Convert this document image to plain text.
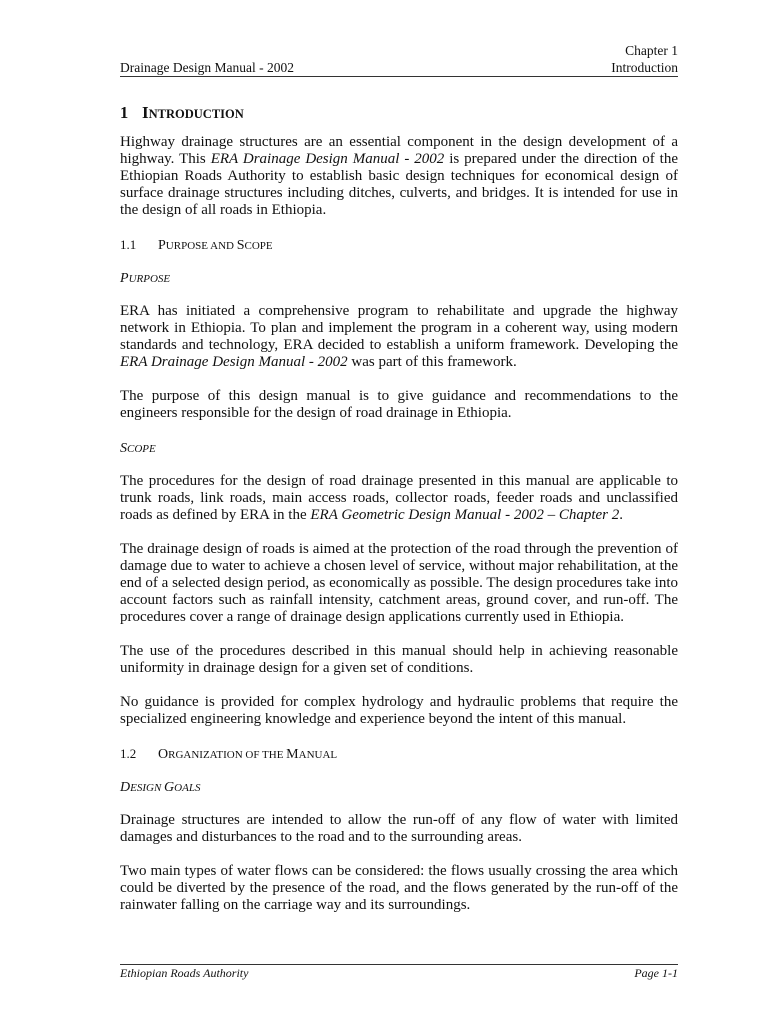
Chapter 1
Introduction
Drainage Design Manual - 2002
1 INTRODUCTION

Highway drainage structures are an essential component in the design development of a highway. This ERA Drainage Design Manual - 2002 is prepared under the direction of the Ethiopian Roads Authority to establish basic design techniques for economical design of surface drainage structures including ditches, culverts, and bridges. It is intended for use in the design of all roads in Ethiopia.

1.1 PURPOSE AND SCOPE
PURPOSE

ERA has initiated a comprehensive program to rehabilitate and upgrade the highway network in Ethiopia. To plan and implement the program in a coherent way, using modern standards and technology, ERA decided to establish a uniform framework. Developing the ERA Drainage Design Manual - 2002 was part of this framework.

The purpose of this design manual is to give guidance and recommendations to the engineers responsible for the design of road drainage in Ethiopia.

SCOPE

The procedures for the design of road drainage presented in this manual are applicable to trunk roads, link roads, main access roads, collector roads, feeder roads and unclassified roads as defined by ERA in the ERA Geometric Design Manual - 2002 – Chapter 2.

The drainage design of roads is aimed at the protection of the road through the prevention of damage due to water to achieve a chosen level of service, without major rehabilitation, at the end of a selected design period, as economically as possible. The design procedures take into account factors such as rainfall intensity, catchment areas, ground cover, and run-off. The procedures cover a range of drainage design applications currently used in Ethiopia.

The use of the procedures described in this manual should help in achieving reasonable uniformity in drainage design for a given set of conditions.

No guidance is provided for complex hydrology and hydraulic problems that require the specialized engineering knowledge and experience beyond the intent of this manual.

1.2 ORGANIZATION OF THE MANUAL
DESIGN GOALS

Drainage structures are intended to allow the run-off of any flow of water with limited damages and disturbances to the road and to the surrounding areas.

Two main types of water flows can be considered: the flows usually crossing the area which could be diverted by the presence of the road, and the flows generated by the run-off of the rainwater falling on the carriage way and its surroundings.

Ethiopian Roads Authority	Page 1-1
